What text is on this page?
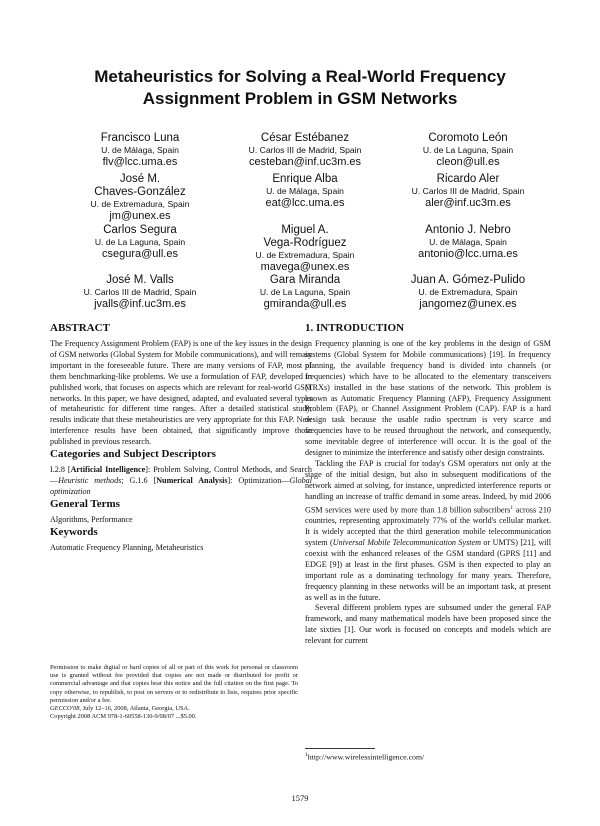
Metaheuristics for Solving a Real-World Frequency
Assignment Problem in GSM Networks
Francisco Luna
U. de Málaga, Spain
flv@lcc.uma.es
César Estébanez
U. Carlos III de Madrid, Spain
cesteban@inf.uc3m.es
Coromoto León
U. de La Laguna, Spain
cleon@ull.es
José M.
Chaves-González
U. de Extremadura, Spain
jm@unex.es
Enrique Alba
U. de Málaga, Spain
eat@lcc.uma.es
Ricardo Aler
U. Carlos III de Madrid, Spain
aler@inf.uc3m.es
Carlos Segura
U. de La Laguna, Spain
csegura@ull.es
Miguel A.
Vega-Rodríguez
U. de Extremadura, Spain
mavega@unex.es
Antonio J. Nebro
U. de Málaga, Spain
antonio@lcc.uma.es
José M. Valls
U. Carlos III de Madrid, Spain
jvalls@inf.uc3m.es
Gara Miranda
U. de La Laguna, Spain
gmiranda@ull.es
Juan A. Gómez-Pulido
U. de Extremadura, Spain
jangomez@unex.es
ABSTRACT

The Frequency Assignment Problem (FAP) is one of the key issues in the design of GSM networks (Global System for Mobile communications), and will remain important in the foreseeable future. There are many versions of FAP, most of them benchmarking-like problems. We use a formulation of FAP, developed in published work, that focuses on aspects which are relevant for real-world GSM networks. In this paper, we have designed, adapted, and evaluated several types of metaheuristic for different time ranges. After a detailed statistical study, results indicate that these metaheuristics are very appropriate for this FAP. New interference results have been obtained, that significantly improve those published in previous research.

Categories and Subject Descriptors

I.2.8 [Artificial Intelligence]: Problem Solving, Control Methods, and Search—Heuristic methods; G.1.6 [Numerical Analysis]: Optimization—Global optimization

General Terms

Algorithms, Performance

Keywords

Automatic Frequency Planning, Metaheuristics

Permission to make digital or hard copies of all or part of this work for personal or classroom use is granted without fee provided that copies are not made or distributed for profit or commercial advantage and that copies bear this notice and the full citation on the first page. To copy otherwise, to republish, to post on servers or to redistribute to lists, requires prior specific permission and/or a fee.
GECCO'08, July 12–16, 2008, Atlanta, Georgia, USA.
Copyright 2008 ACM 978-1-60558-130-9/08/07 ...$5.00.
1. INTRODUCTION

Frequency planning is one of the key problems in the design of GSM systems (Global System for Mobile communications) [19]. In frequency planning, the available frequency band is divided into channels (or frequencies) which have to be allocated to the elementary transceivers (TRXs) installed in the base stations of the network. This problem is known as Automatic Frequency Planning (AFP), Frequency Assignment Problem (FAP), or Channel Assignment Problem (CAP). FAP is a hard design task because the usable radio spectrum is very scarce and frequencies have to be reused throughout the network, and consequently, some inevitable degree of interference will occur. It is the goal of the designer to minimize the interference and satisfy other design constraints.

Tackling the FAP is crucial for today's GSM operators not only at the stage of the initial design, but also in subsequent modifications of the network aimed at solving, for instance, unpredicted interference reports or handling an increase of traffic demand in some areas. Indeed, by mid 2006 GSM services were used by more than 1.8 billion subscribers$^1$ across 210 countries, representing approximately 77% of the world's cellular market. It is widely accepted that the third generation mobile telecommunication system (Universal Mobile Telecommunication System or UMTS) [21], will coexist with the enhanced releases of the GSM standard (GPRS [11] and EDGE [9]) at least in the first phases. GSM is then expected to play an important role as a dominating technology for many years. Therefore, frequency planning in these networks will be an important task, at present as well as in the future.

Several different problem types are subsumed under the general FAP framework, and many mathematical models have been proposed since the late sixties [1]. Our work is focused on concepts and models which are relevant for current

$^1$http://www.wirelessintelligence.com/
1579
